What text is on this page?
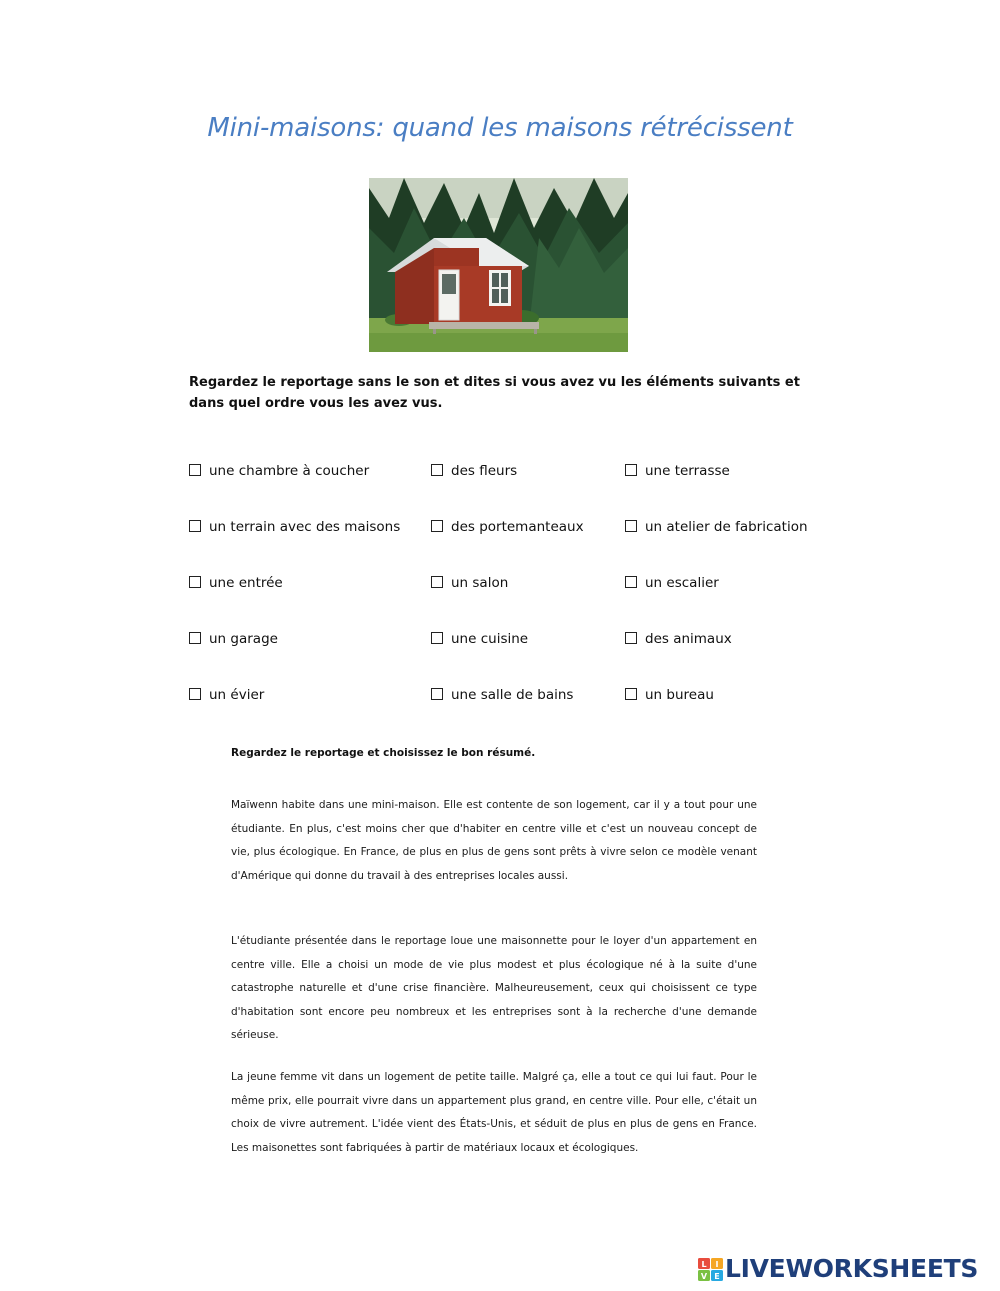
Mini-maisons: quand les maisons rétrécissent
Regardez le reportage sans le son et dites si vous avez vu les éléments suivants et dans quel ordre vous les avez vus.
une chambre à coucher	des fleurs	une terrasse
un terrain avec des maisons	des portemanteaux	un atelier de fabrication
une entrée	un salon	un escalier
un garage	une cuisine	des animaux
un évier	une salle de bains	un bureau
Regardez le reportage et choisissez le bon résumé.
Maïwenn habite dans une mini-maison. Elle est contente de son logement, car il y a tout pour une étudiante. En plus, c'est moins cher que d'habiter en centre ville et c'est un nouveau concept de vie, plus écologique. En France, de plus en plus de gens sont prêts à vivre selon ce modèle venant d'Amérique qui donne du travail à des entreprises locales aussi.
L'étudiante présentée dans le reportage loue une maisonnette pour le loyer d'un appartement en centre ville. Elle a choisi un mode de vie plus modest et plus écologique né à la suite d'une catastrophe naturelle et d'une crise financière. Malheureusement, ceux qui choisissent ce type d'habitation sont encore peu nombreux et les entreprises sont à la recherche d'une demande sérieuse.
La jeune femme vit dans un logement de petite taille. Malgré ça, elle a tout ce qui lui faut. Pour le même prix, elle pourrait vivre dans un appartement plus grand, en centre ville. Pour elle, c'était un choix de vivre autrement. L'idée vient des États-Unis, et séduit de plus en plus de gens en France. Les maisonettes sont fabriquées à partir de matériaux locaux et écologiques.
L I
V E LIVEWORKSHEETS
